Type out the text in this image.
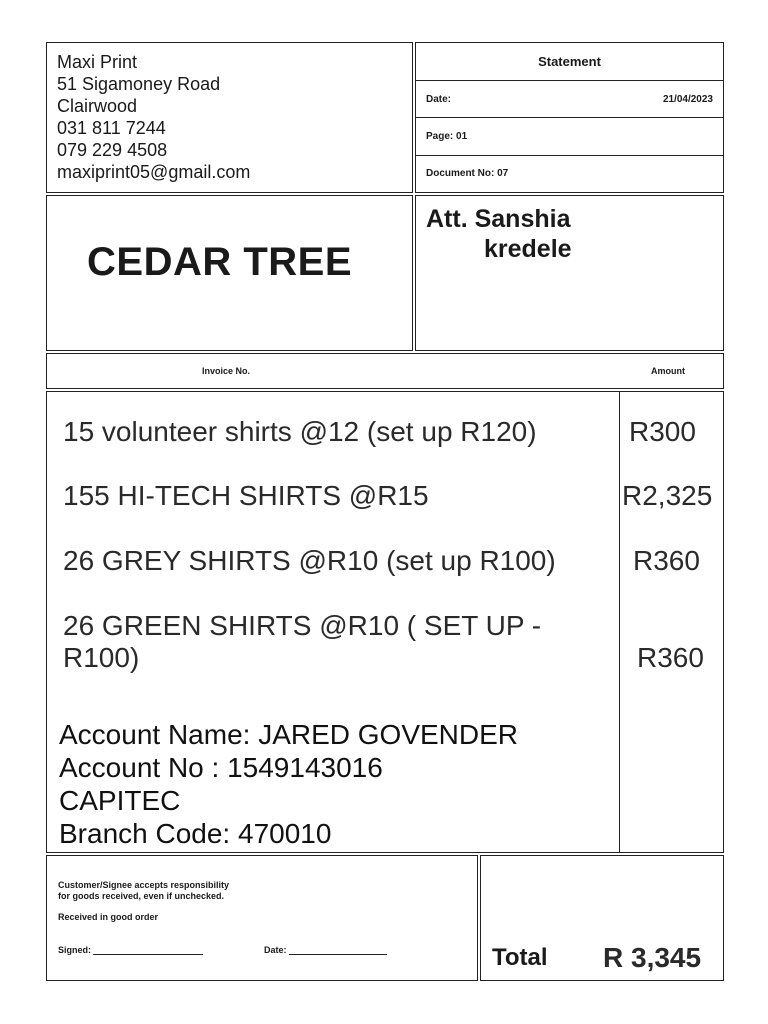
Maxi Print
51 Sigamoney Road
Clairwood
031 811 7244
079 229 4508
maxiprint05@gmail.com
Statement
Date:	21/04/2023
Page: 01
Document No: 07
CEDAR TREE
Att. Sanshia
kredele
Invoice No.	Amount
15 volunteer shirts @12 (set up R120)	R300
155 HI-TECH SHIRTS @R15	R2,325
26 GREY SHIRTS @R10 (set up R100)	R360
26 GREEN SHIRTS @R10 ( SET UP - R100)	R360
Account Name: JARED GOVENDER
Account No : 1549143016
CAPITEC
Branch Code: 470010
Customer/Signee accepts responsibility
for goods received, even if unchecked.
Received in good order
Signed:	Date:	Total R 3,345
